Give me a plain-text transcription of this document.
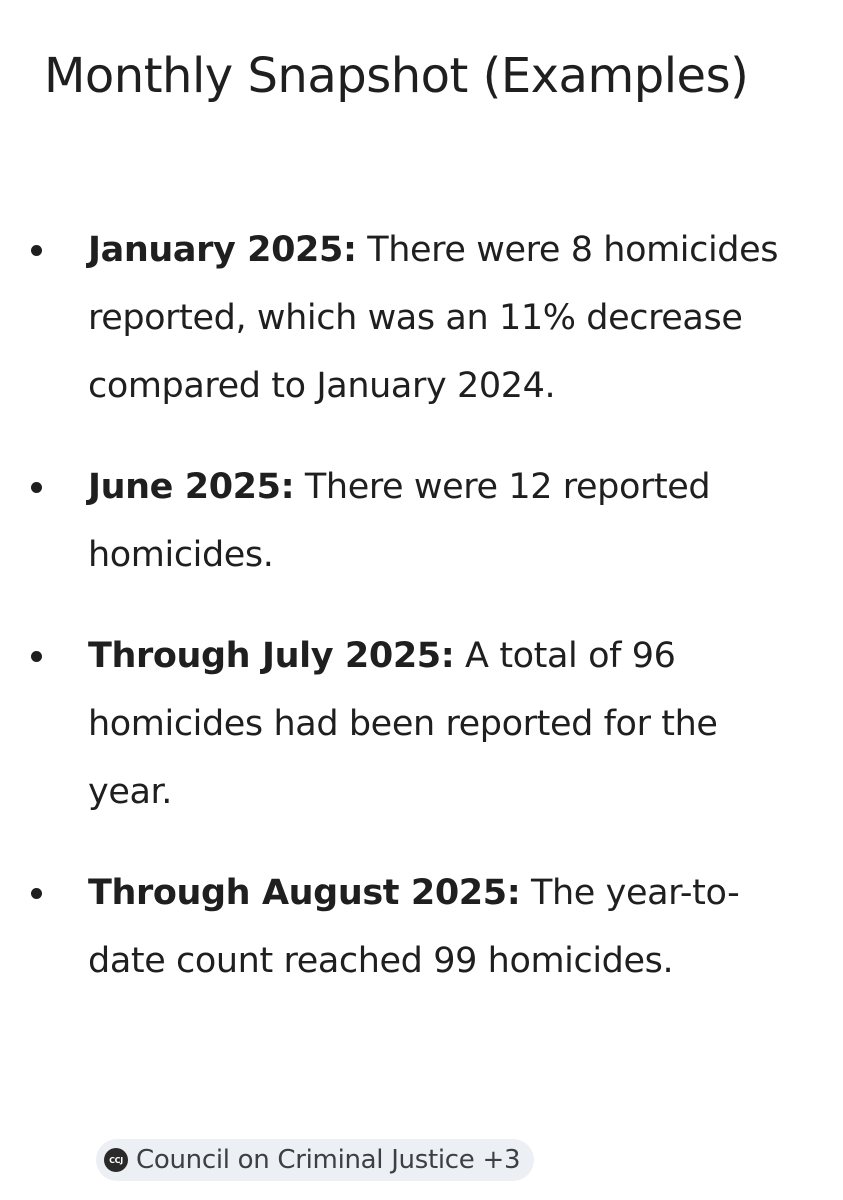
Monthly Snapshot (Examples)
January 2025: There were 8 homicides reported, which was an 11% decrease compared to January 2024.
June 2025: There were 12 reported homicides.
Through July 2025: A total of 96 homicides had been reported for the year.
Through August 2025: The year-to-date count reached 99 homicides.
CCJ Council on Criminal Justice +3
